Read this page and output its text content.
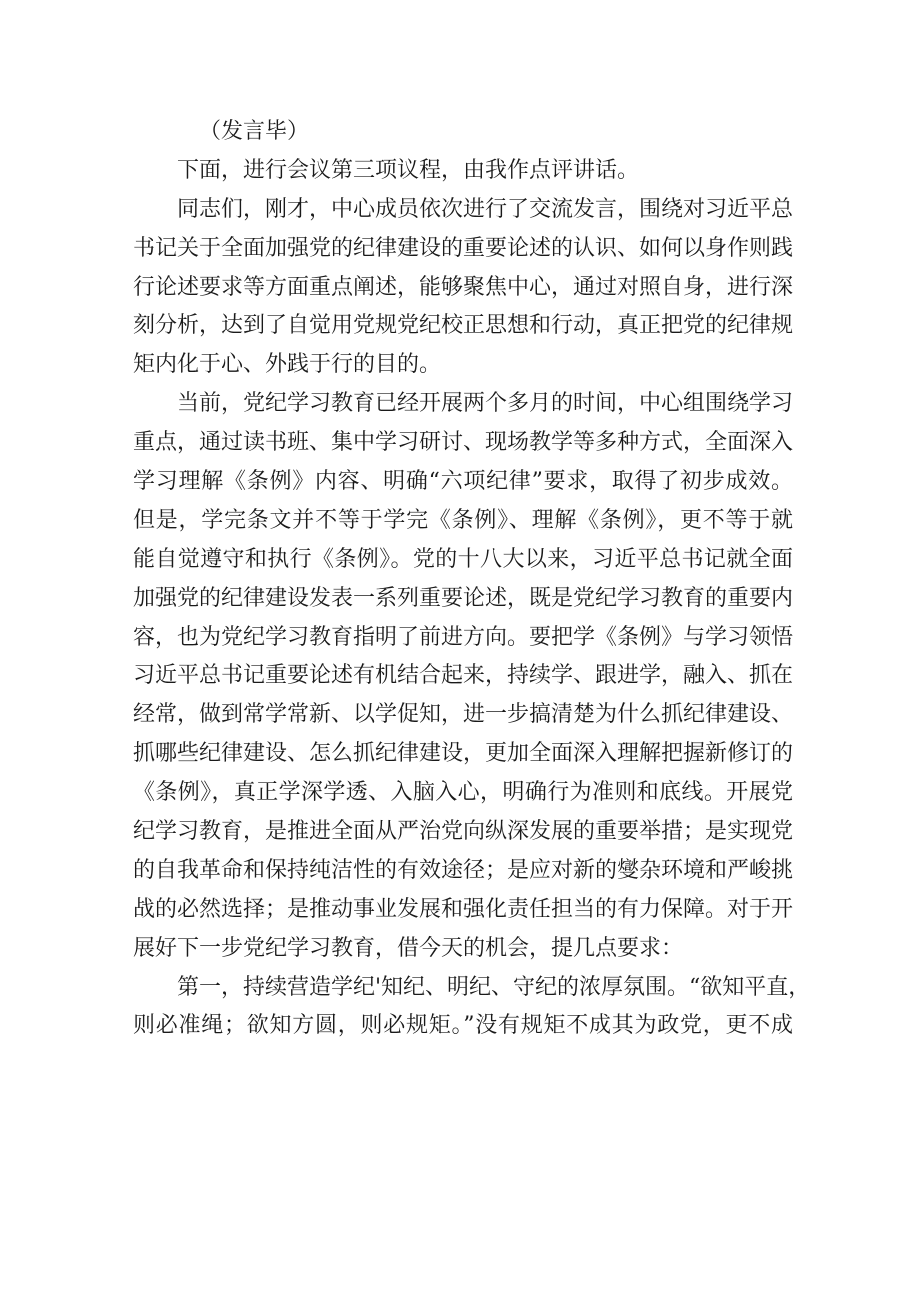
（发言毕）
下面，进行会议第三项议程，由我作点评讲话。
同志们，刚才，中心成员依次进行了交流发言，围绕对习近平总
书记关于全面加强党的纪律建设的重要论述的认识、如何以身作则践
行论述要求等方面重点阐述，能够聚焦中心，通过对照自身，进行深
刻分析，达到了自觉用党规党纪校正思想和行动，真正把党的纪律规
矩内化于心、外践于行的目的。
当前，党纪学习教育已经开展两个多月的时间，中心组围绕学习
重点，通过读书班、集中学习研讨、现场教学等多种方式，全面深入
学习理解《条例》内容、明确“六项纪律”要求，取得了初步成效。
但是，学完条文并不等于学完《条例》、理解《条例》，更不等于就
能自觉遵守和执行《条例》。党的十八大以来，习近平总书记就全面
加强党的纪律建设发表一系列重要论述，既是党纪学习教育的重要内
容，也为党纪学习教育指明了前进方向。要把学《条例》与学习领悟
习近平总书记重要论述有机结合起来，持续学、跟进学，融入、抓在
经常，做到常学常新、以学促知，进一步搞清楚为什么抓纪律建设、
抓哪些纪律建设、怎么抓纪律建设，更加全面深入理解把握新修订的
《条例》，真正学深学透、入脑入心，明确行为准则和底线。开展党
纪学习教育，是推进全面从严治党向纵深发展的重要举措；是实现党
的自我革命和保持纯洁性的有效途径；是应对新的燮杂环境和严峻挑
战的必然选择；是推动事业发展和强化责任担当的有力保障。对于开
展好下一步党纪学习教育，借今天的机会，提几点要求：
第一，持续营造学纪'知纪、明纪、守纪的浓厚氛围。“欲知平直，
则必准绳；欲知方圆，则必规矩。”没有规矩不成其为政党，更不成
